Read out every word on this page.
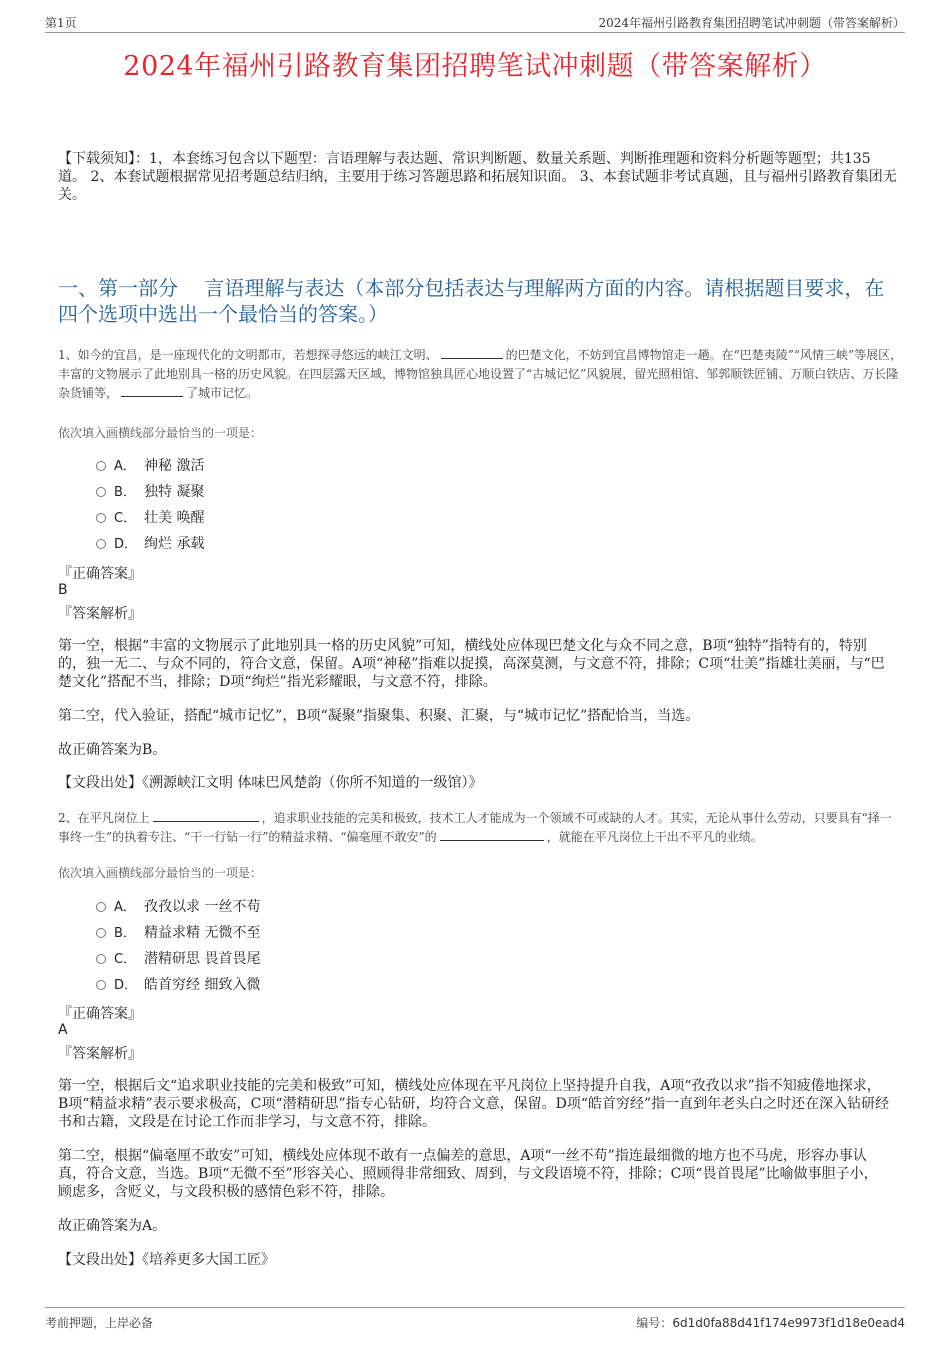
第1页	2024年福州引路教育集团招聘笔试冲刺题（带答案解析）
2024年福州引路教育集团招聘笔试冲刺题（带答案解析）
【下载须知】：1，本套练习包含以下题型：言语理解与表达题、常识判断题、数量关系题、判断推理题和资料分析题等题型；共135道。 2、本套试题根据常见招考题总结归纳，主要用于练习答题思路和拓展知识面。 3、本套试题非考试真题，且与福州引路教育集团无关。
一、第一部分　 言语理解与表达（本部分包括表达与理解两方面的内容。请根据题目要求，在四个选项中选出一个最恰当的答案。）
1、如今的宜昌，是一座现代化的文明都市，若想探寻悠远的峡江文明、	的巴楚文化，不妨到宜昌博物馆走一趟。在“巴楚夷陵”“风情三峡”等展区，丰富的文物展示了此地别具一格的历史风貌。在四层露天区域，博物馆独具匠心地设置了“古城记忆”风貌展，留光照相馆、邹郭顺铁匠铺、万顺白铁店、万长隆杂货铺等，	了城市记忆。
依次填入画横线部分最恰当的一项是：
A． 神秘 激活
B． 独特 凝聚
C． 壮美 唤醒
D． 绚烂 承载
『正确答案』
B
『答案解析』
第一空，根据“丰富的文物展示了此地别具一格的历史风貌”可知，横线处应体现巴楚文化与众不同之意，B项“独特”指特有的，特别的，独一无二、与众不同的，符合文意，保留。A项“神秘”指难以捉摸，高深莫测，与文意不符，排除；C项“壮美”指雄壮美丽，与“巴楚文化”搭配不当，排除；D项“绚烂”指光彩耀眼，与文意不符，排除。
第二空，代入验证，搭配“城市记忆”，B项“凝聚”指聚集、积聚、汇聚，与“城市记忆”搭配恰当，当选。
故正确答案为B。
【文段出处】《溯源峡江文明 体味巴风楚韵（你所不知道的一级馆）》
2、在平凡岗位上	，追求职业技能的完美和极致，技术工人才能成为一个领域不可或缺的人才。其实，无论从事什么劳动，只要具有“择一事终一生”的执着专注、“干一行钻一行”的精益求精、“偏毫厘不敢安”的	，就能在平凡岗位上干出不平凡的业绩。
依次填入画横线部分最恰当的一项是：
A． 孜孜以求 一丝不苟
B． 精益求精 无微不至
C． 潜精研思 畏首畏尾
D． 皓首穷经 细致入微
『正确答案』
A
『答案解析』
第一空，根据后文“追求职业技能的完美和极致”可知，横线处应体现在平凡岗位上坚持提升自我，A项“孜孜以求”指不知疲倦地探求，B项“精益求精”表示要求极高，C项“潜精研思”指专心钻研，均符合文意，保留。D项“皓首穷经”指一直到年老头白之时还在深入钻研经书和古籍，文段是在讨论工作而非学习，与文意不符，排除。
第二空，根据“偏毫厘不敢安”可知，横线处应体现不敢有一点偏差的意思，A项“一丝不苟”指连最细微的地方也不马虎，形容办事认真，符合文意，当选。B项“无微不至”形容关心、照顾得非常细致、周到，与文段语境不符，排除；C项“畏首畏尾”比喻做事胆子小，顾虑多，含贬义，与文段积极的感情色彩不符，排除。
故正确答案为A。
【文段出处】《培养更多大国工匠》
考前押题，上岸必备	编号：6d1d0fa88d41f174e9973f1d18e0ead4
